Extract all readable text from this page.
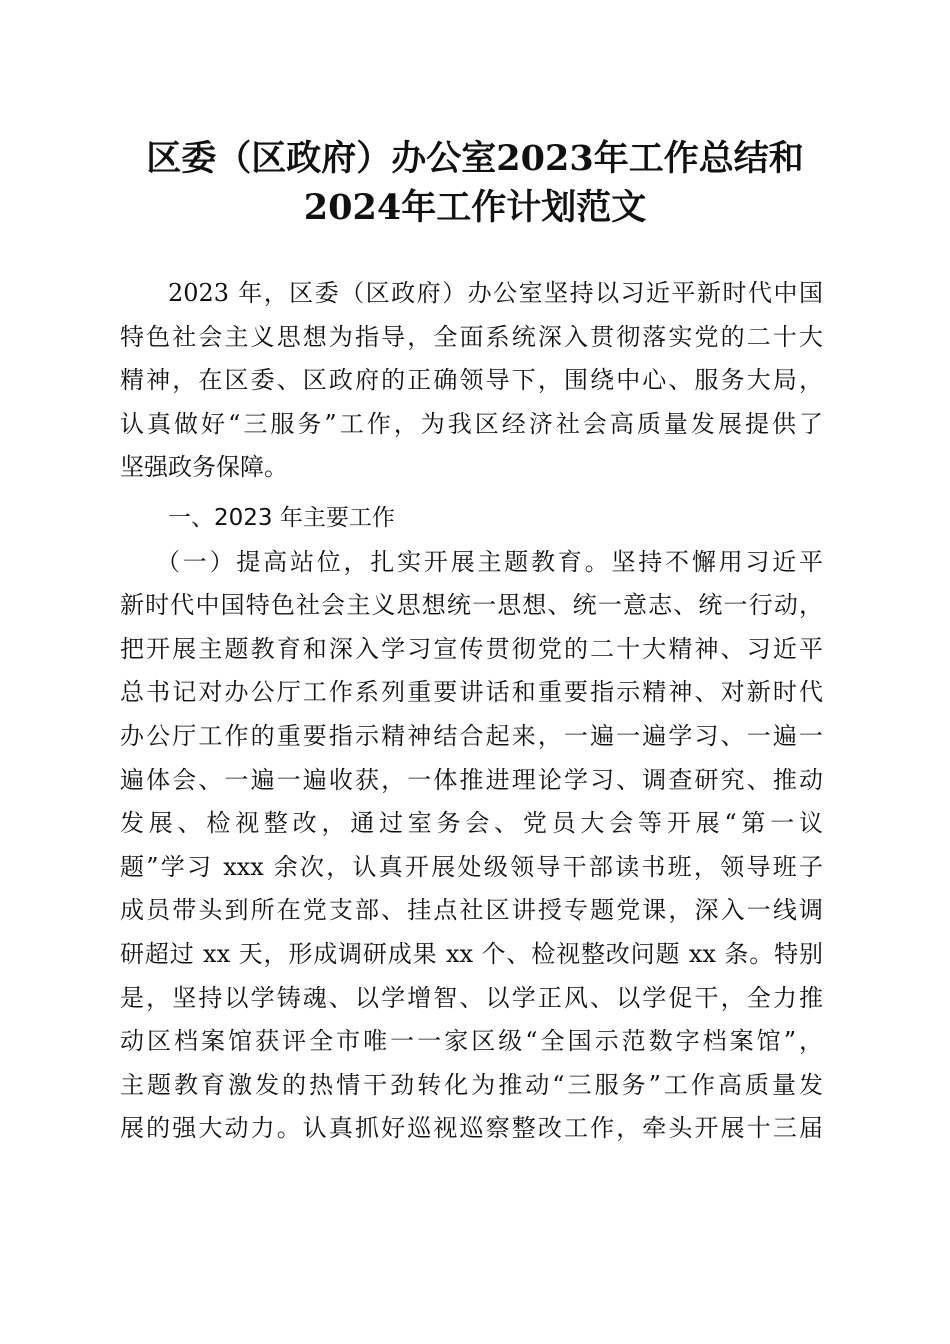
区委（区政府）办公室2023年工作总结和
2024年工作计划范文
2023 年，区委（区政府）办公室坚持以习近平新时代中国
特色社会主义思想为指导，全面系统深入贯彻落实党的二十大
精神，在区委、区政府的正确领导下，围绕中心、服务大局，
认真做好“三服务”工作，为我区经济社会高质量发展提供了
坚强政务保障。
一、2023 年主要工作
（一）提高站位，扎实开展主题教育。坚持不懈用习近平
新时代中国特色社会主义思想统一思想、统一意志、统一行动，
把开展主题教育和深入学习宣传贯彻党的二十大精神、习近平
总书记对办公厅工作系列重要讲话和重要指示精神、对新时代
办公厅工作的重要指示精神结合起来，一遍一遍学习、一遍一
遍体会、一遍一遍收获，一体推进理论学习、调查研究、推动
发展、检视整改，通过室务会、党员大会等开展“第一议
题”学习 xxx 余次，认真开展处级领导干部读书班，领导班子
成员带头到所在党支部、挂点社区讲授专题党课，深入一线调
研超过 xx 天，形成调研成果 xx 个、检视整改问题 xx 条。特别
是，坚持以学铸魂、以学增智、以学正风、以学促干，全力推
动区档案馆获评全市唯一一家区级“全国示范数字档案馆”，
主题教育激发的热情干劲转化为推动“三服务”工作高质量发
展的强大动力。认真抓好巡视巡察整改工作，牵头开展十三届
